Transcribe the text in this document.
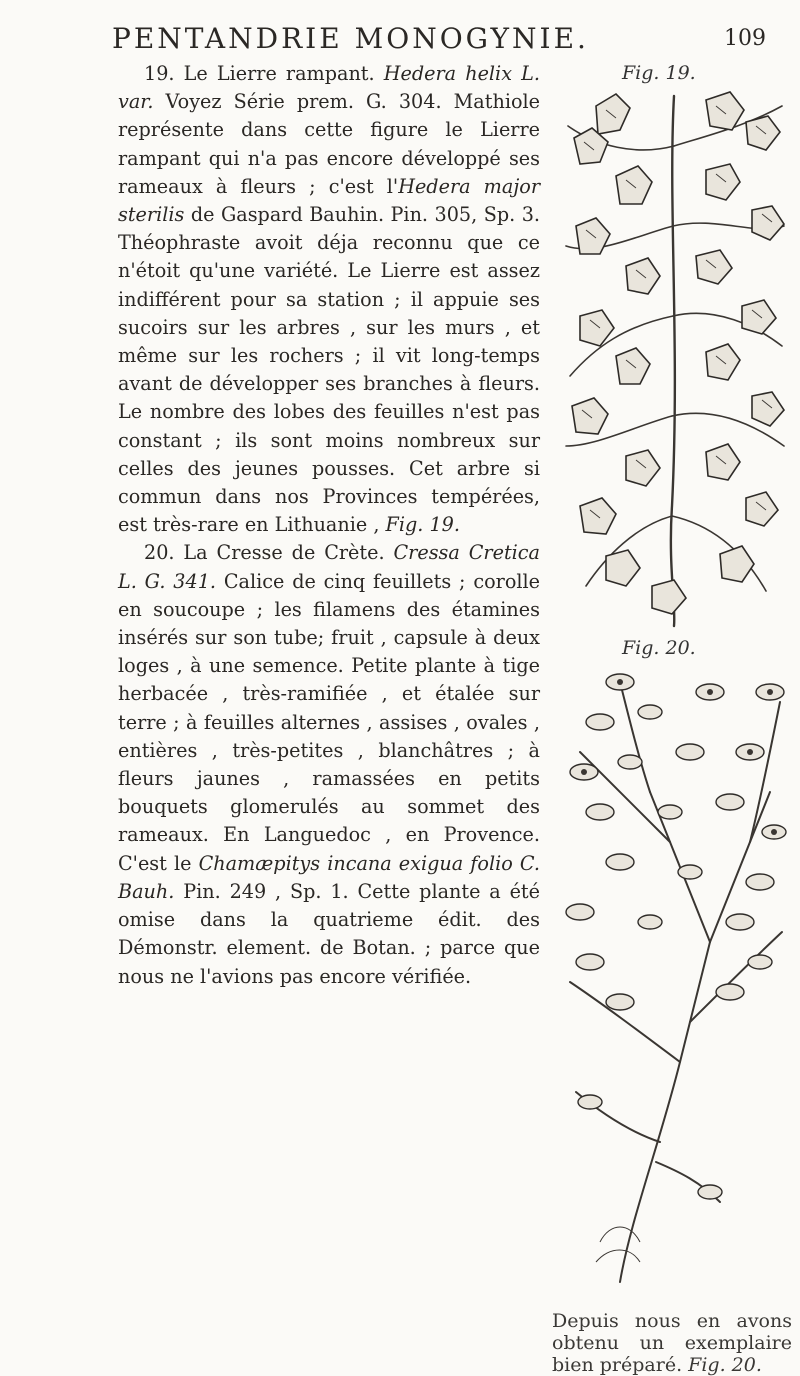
PENTANDRIE MONOGYNIE.	109

19. Le Lierre rampant. Hedera helix L. var. Voyez Série prem. G. 304. Mathiole représente dans cette figure le Lierre rampant qui n'a pas encore développé ses rameaux à fleurs ; c'est l'Hedera major sterilis de Gaspard Bauhin. Pin. 305, Sp. 3. Théophraste avoit déja reconnu que ce n'étoit qu'une variété. Le Lierre est assez indifférent pour sa station ; il appuie ses sucoirs sur les arbres , sur les murs , et même sur les rochers ; il vit long-temps avant de développer ses branches à fleurs. Le nombre des lobes des feuilles n'est pas constant ; ils sont moins nombreux sur celles des jeunes pousses. Cet arbre si commun dans nos Provinces tempérées, est très-rare en Lithuanie , Fig. 19.

20. La Cresse de Crète. Cressa Cretica L. G. 341. Calice de cinq feuillets ; corolle en soucoupe ; les filamens des étamines insérés sur son tube; fruit , capsule à deux loges , à une semence. Petite plante à tige herbacée , très-ramifiée , et étalée sur terre ; à feuilles alternes , assises , ovales , entières , très-petites , blanchâtres ; à fleurs jaunes , ramassées en petits bouquets glomerulés au sommet des rameaux. En Languedoc , en Provence. C'est le Chamæpitys incana exigua folio C. Bauh. Pin. 249 , Sp. 1. Cette plante a été omise dans la quatrieme édit. des Démonstr. element. de Botan. ; parce que nous ne l'avions pas encore vérifiée.

Fig. 19.
Fig. 20.
Depuis nous en avons obtenu un exemplaire bien préparé. Fig. 20.
